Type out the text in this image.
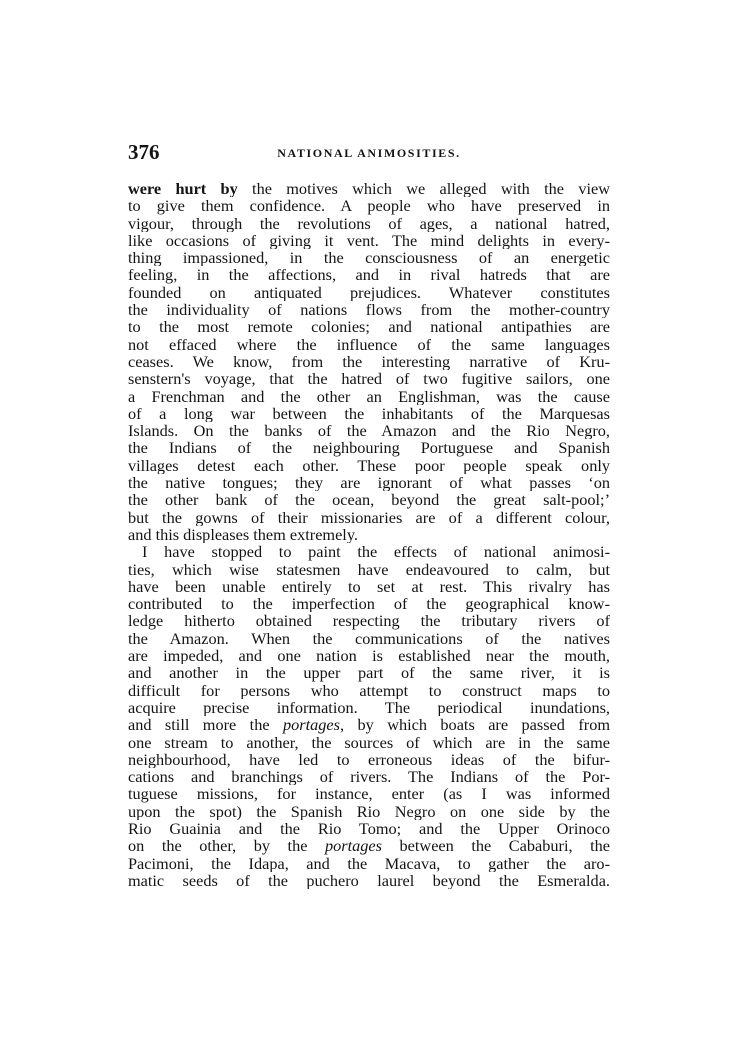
376	NATIONAL ANIMOSITIES.
were hurt by the motives which we alleged with the view
to give them confidence. A people who have preserved in
vigour, through the revolutions of ages, a national hatred,
like occasions of giving it vent. The mind delights in every-
thing impassioned, in the consciousness of an energetic
feeling, in the affections, and in rival hatreds that are
founded on antiquated prejudices. Whatever constitutes
the individuality of nations flows from the mother-country
to the most remote colonies; and national antipathies are
not effaced where the influence of the same languages
ceases. We know, from the interesting narrative of Kru-
senstern's voyage, that the hatred of two fugitive sailors, one
a Frenchman and the other an Englishman, was the cause
of a long war between the inhabitants of the Marquesas
Islands. On the banks of the Amazon and the Rio Negro,
the Indians of the neighbouring Portuguese and Spanish
villages detest each other. These poor people speak only
the native tongues; they are ignorant of what passes ‘on
the other bank of the ocean, beyond the great salt-pool;’
but the gowns of their missionaries are of a different colour,
and this displeases them extremely.
I have stopped to paint the effects of national animosi-
ties, which wise statesmen have endeavoured to calm, but
have been unable entirely to set at rest. This rivalry has
contributed to the imperfection of the geographical know-
ledge hitherto obtained respecting the tributary rivers of
the Amazon. When the communications of the natives
are impeded, and one nation is established near the mouth,
and another in the upper part of the same river, it is
difficult for persons who attempt to construct maps to
acquire precise information. The periodical inundations,
and still more the portages, by which boats are passed from
one stream to another, the sources of which are in the same
neighbourhood, have led to erroneous ideas of the bifur-
cations and branchings of rivers. The Indians of the Por-
tuguese missions, for instance, enter (as I was informed
upon the spot) the Spanish Rio Negro on one side by the
Rio Guainia and the Rio Tomo; and the Upper Orinoco
on the other, by the portages between the Cababuri, the
Pacimoni, the Idapa, and the Macava, to gather the aro-
matic seeds of the puchero laurel beyond the Esmeralda.
